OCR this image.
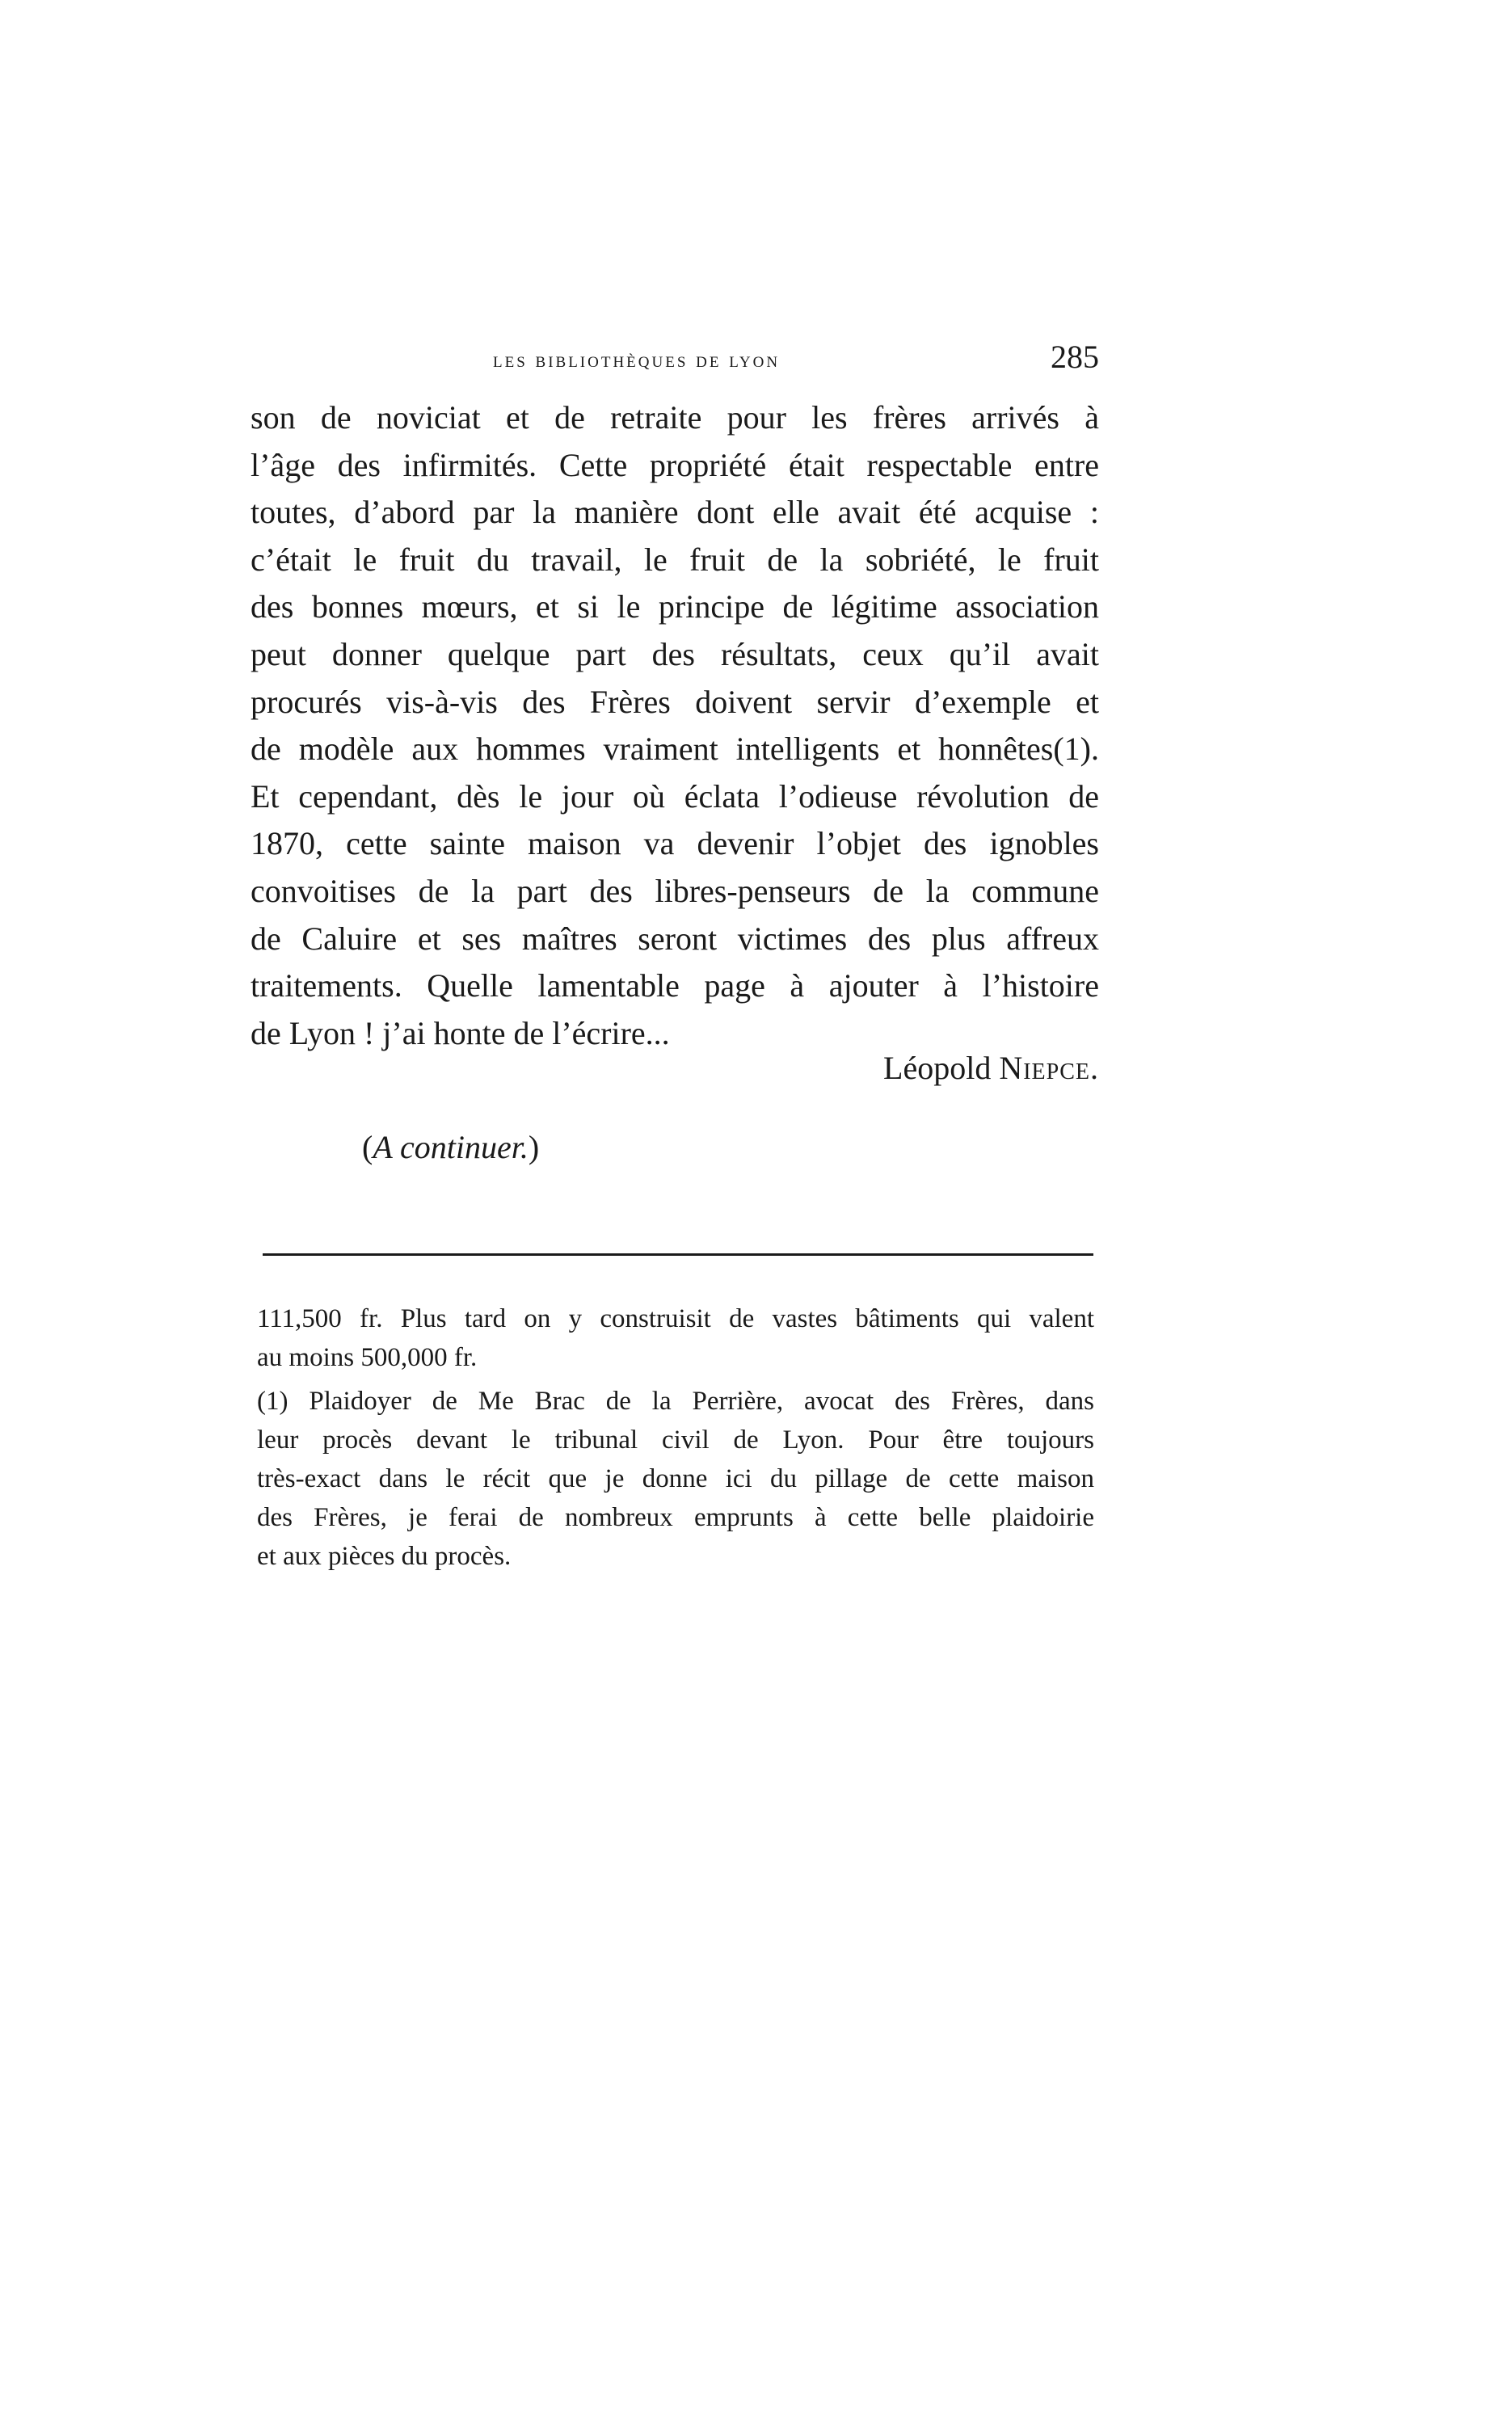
les bibliothèques de lyon	285
son de noviciat et de retraite pour les frères arrivés à
l’âge des infirmités. Cette propriété était respectable entre
toutes, d’abord par la manière dont elle avait été acquise :
c’était le fruit du travail, le fruit de la sobriété, le fruit
des bonnes mœurs, et si le principe de légitime association
peut donner quelque part des résultats, ceux qu’il avait
procurés vis-à-vis des Frères doivent servir d’exemple et
de modèle aux hommes vraiment intelligents et honnêtes(1).
Et cependant, dès le jour où éclata l’odieuse révolution de
1870, cette sainte maison va devenir l’objet des ignobles
convoitises de la part des libres-penseurs de la commune
de Caluire et ses maîtres seront victimes des plus affreux
traitements. Quelle lamentable page à ajouter à l’histoire
de Lyon ! j’ai honte de l’écrire...
Léopold Niepce.
(A continuer.)
111,500 fr. Plus tard on y construisit de vastes bâtiments qui valent
au moins 500,000 fr.
(1) Plaidoyer de Me Brac de la Perrière, avocat des Frères, dans
leur procès devant le tribunal civil de Lyon. Pour être toujours
très-exact dans le récit que je donne ici du pillage de cette maison
des Frères, je ferai de nombreux emprunts à cette belle plaidoirie
et aux pièces du procès.
